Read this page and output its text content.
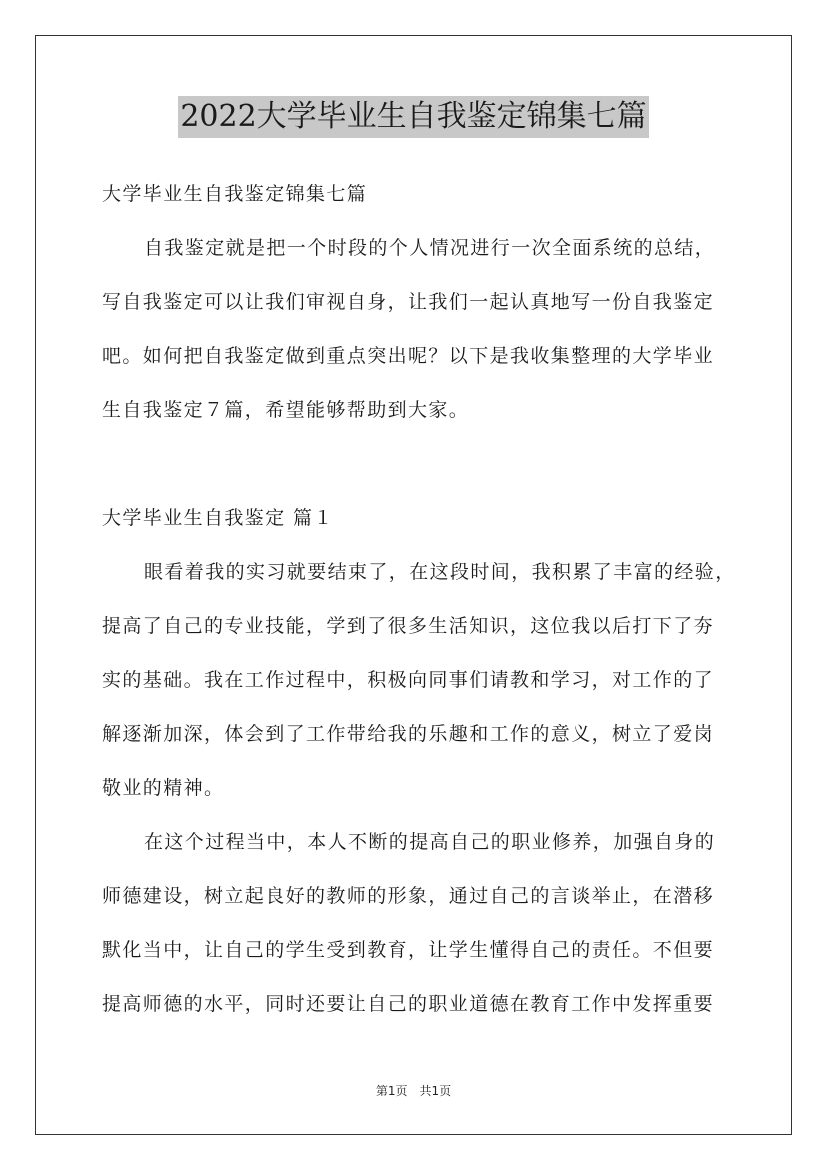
2022大学毕业生自我鉴定锦集七篇
大学毕业生自我鉴定锦集七篇
自我鉴定就是把一个时段的个人情况进行一次全面系统的总结，
写自我鉴定可以让我们审视自身，让我们一起认真地写一份自我鉴定
吧。如何把自我鉴定做到重点突出呢？以下是我收集整理的大学毕业
生自我鉴定７篇，希望能够帮助到大家。
大学毕业生自我鉴定 篇１
眼看着我的实习就要结束了，在这段时间，我积累了丰富的经验，
提高了自己的专业技能，学到了很多生活知识，这位我以后打下了夯
实的基础。我在工作过程中，积极向同事们请教和学习，对工作的了
解逐渐加深，体会到了工作带给我的乐趣和工作的意义，树立了爱岗
敬业的精神。
在这个过程当中，本人不断的提高自己的职业修养，加强自身的
师德建设，树立起良好的教师的形象，通过自己的言谈举止，在潜移
默化当中，让自己的学生受到教育，让学生懂得自己的责任。不但要
提高师德的水平，同时还要让自己的职业道德在教育工作中发挥重要
第1页　共1页
